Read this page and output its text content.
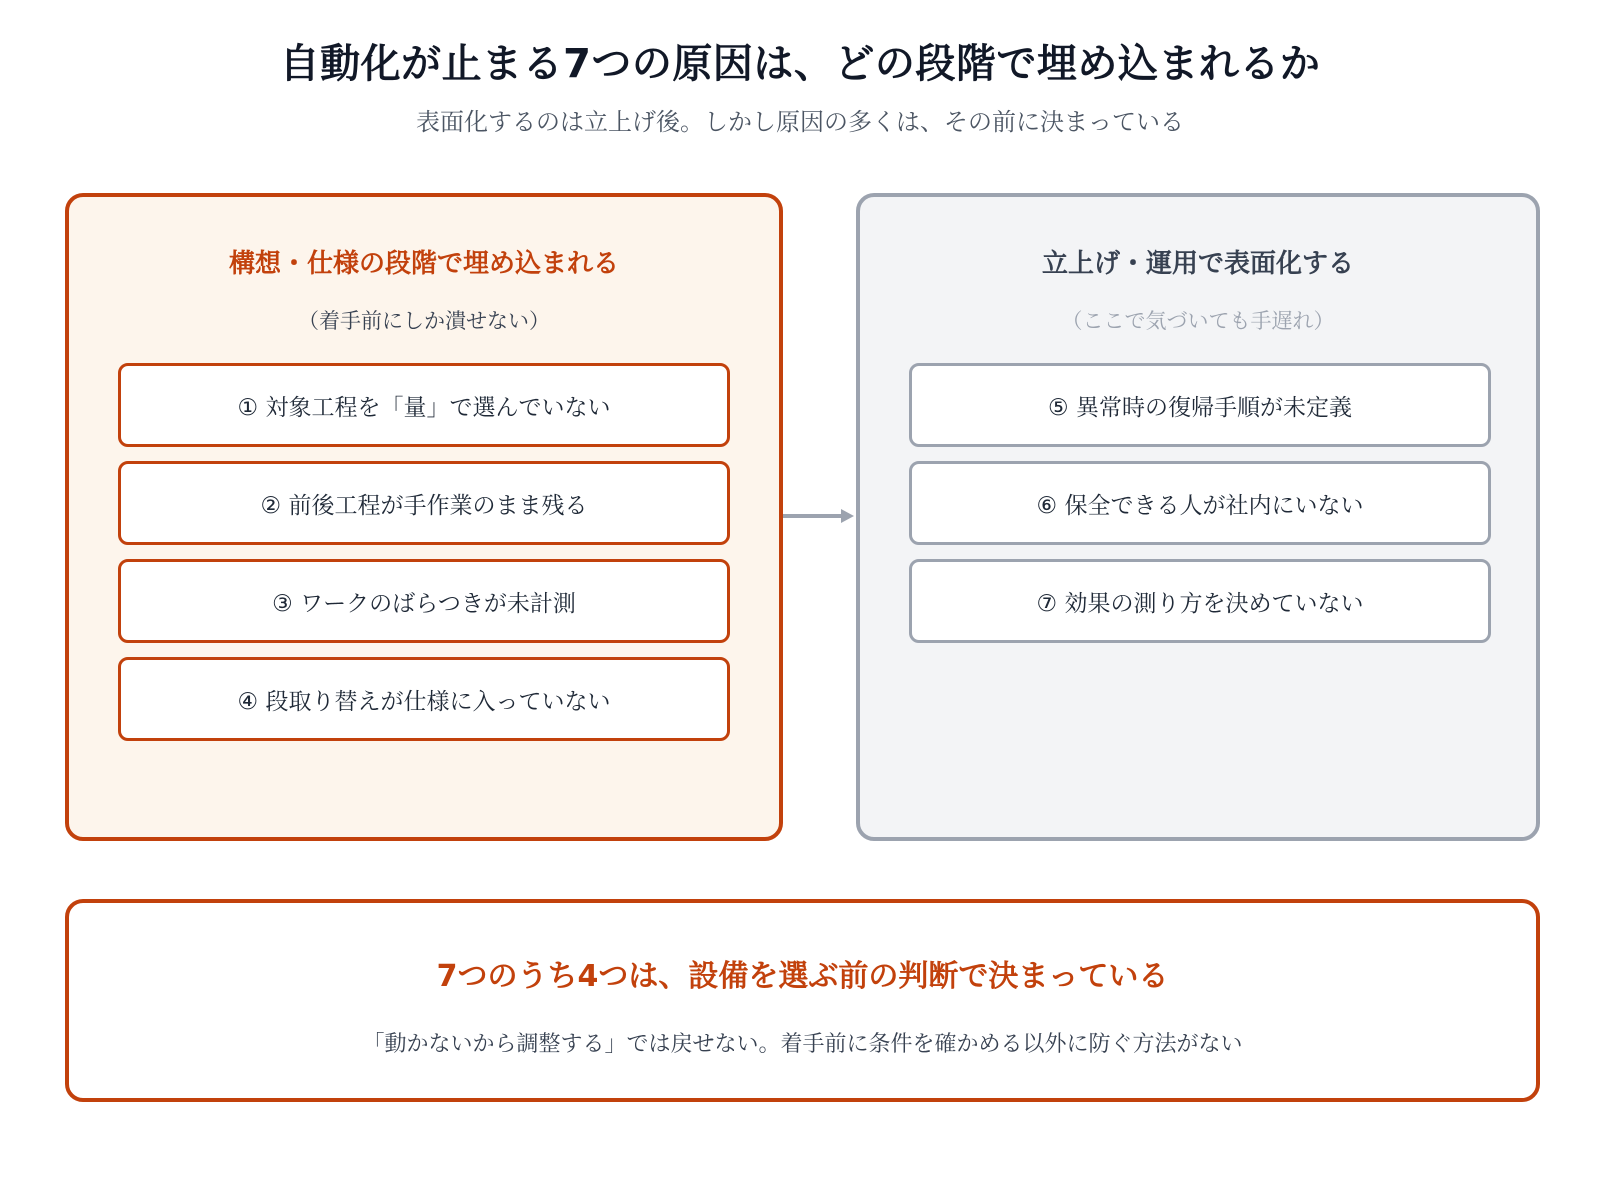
自動化が止まる7つの原因は、どの段階で埋め込まれるか
表面化するのは立上げ後。しかし原因の多くは、その前に決まっている
構想・仕様の段階で埋め込まれる
（着手前にしか潰せない）
① 対象工程を「量」で選んでいない
② 前後工程が手作業のまま残る
③ ワークのばらつきが未計測
④ 段取り替えが仕様に入っていない
立上げ・運用で表面化する
（ここで気づいても手遅れ）
⑤ 異常時の復帰手順が未定義
⑥ 保全できる人が社内にいない
⑦ 効果の測り方を決めていない
7つのうち4つは、設備を選ぶ前の判断で決まっている
「動かないから調整する」では戻せない。着手前に条件を確かめる以外に防ぐ方法がない
